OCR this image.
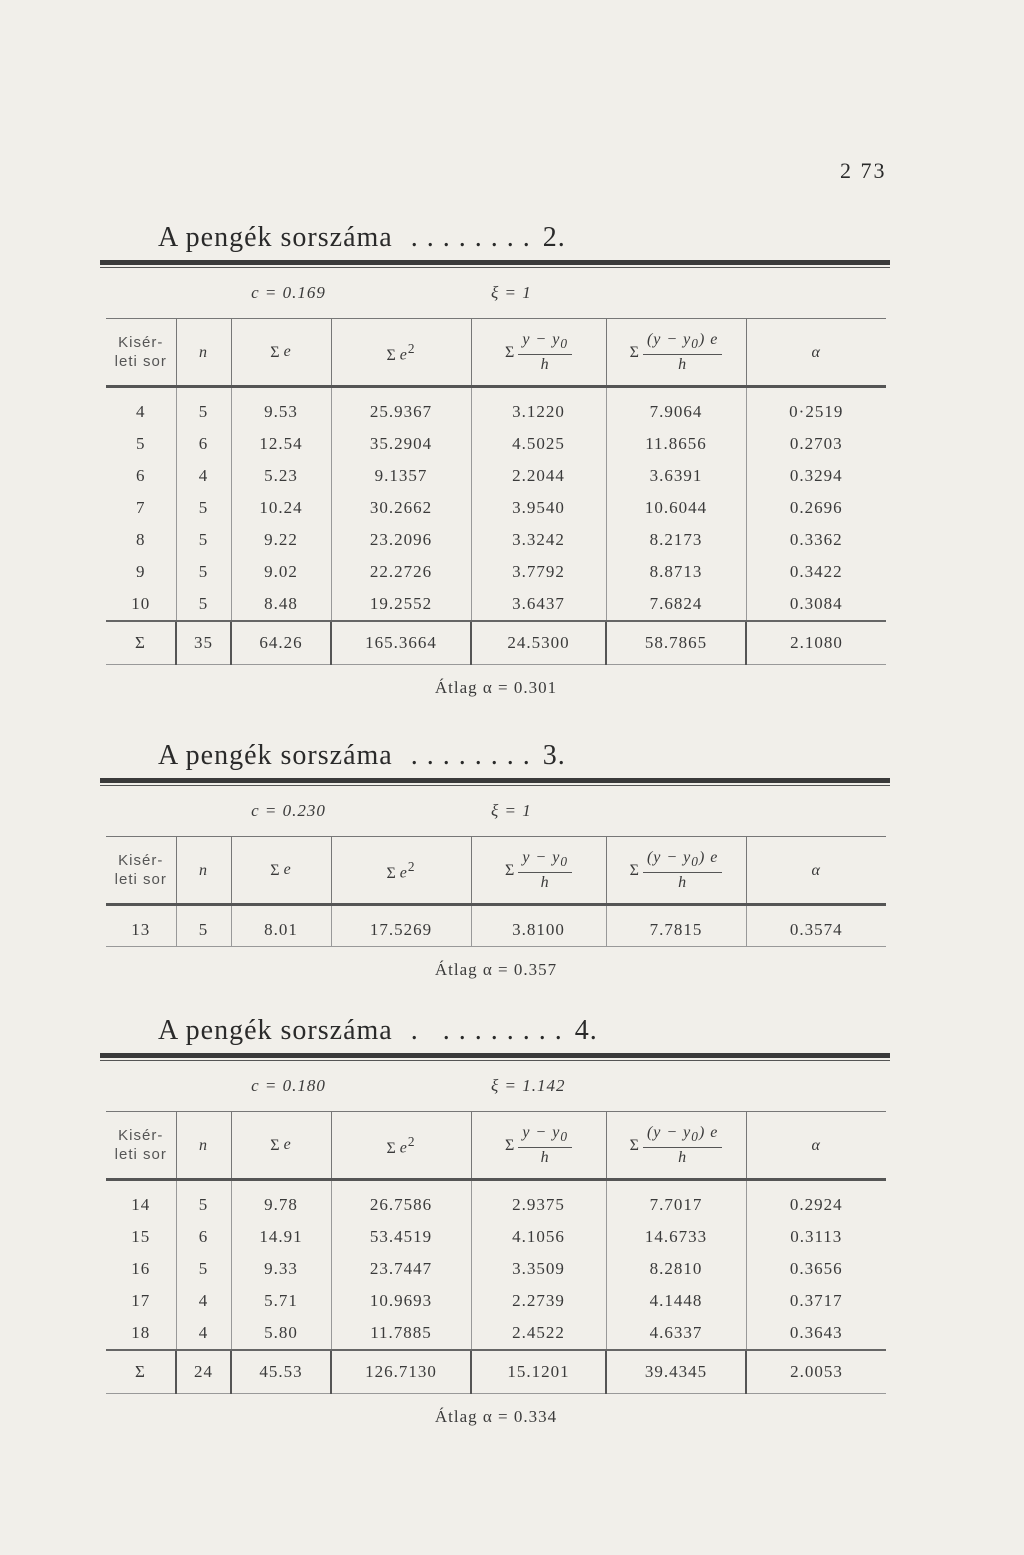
2 73
A pengék sorszáma ........ 2.
c = 0.169				ξ = 1		
Kisér-
leti sor	n	Σ e	Σ $e^2$	Σ $\frac{y - y_0}{h}$	Σ $\frac{(y - y_0) e}{h}$	α
4	5	9.53	25.9367	3.1220	7.9064	0·2519
5	6	12.54	35.2904	4.5025	11.8656	0.2703
6	4	5.23	9.1357	2.2044	3.6391	0.3294
7	5	10.24	30.2662	3.9540	10.6044	0.2696
8	5	9.22	23.2096	3.3242	8.2173	0.3362
9	5	9.02	22.2726	3.7792	8.8713	0.3422
10	5	8.48	19.2552	3.6437	7.6824	0.3084
Σ	35	64.26	165.3664	24.5300	58.7865	2.1080
Átlag α = 0.301						
A pengék sorszáma ........ 3.
c = 0.230				ξ = 1		
Kisér-
leti sor	n	Σ e	Σ $e^2$	Σ $\frac{y - y_0}{h}$	Σ $\frac{(y - y_0) e}{h}$	α
13	5	8.01	17.5269	3.8100	7.7815	0.3574
Átlag α = 0.357						
A pengék sorszáma . ........ 4.
c = 0.180				ξ = 1.142		
Kisér-
leti sor	n	Σ e	Σ $e^2$	Σ $\frac{y - y_0}{h}$	Σ $\frac{(y - y_0) e}{h}$	α
14	5	9.78	26.7586	2.9375	7.7017	0.2924
15	6	14.91	53.4519	4.1056	14.6733	0.3113
16	5	9.33	23.7447	3.3509	8.2810	0.3656
17	4	5.71	10.9693	2.2739	4.1448	0.3717
18	4	5.80	11.7885	2.4522	4.6337	0.3643
Σ	24	45.53	126.7130	15.1201	39.4345	2.0053
Átlag α = 0.334						
